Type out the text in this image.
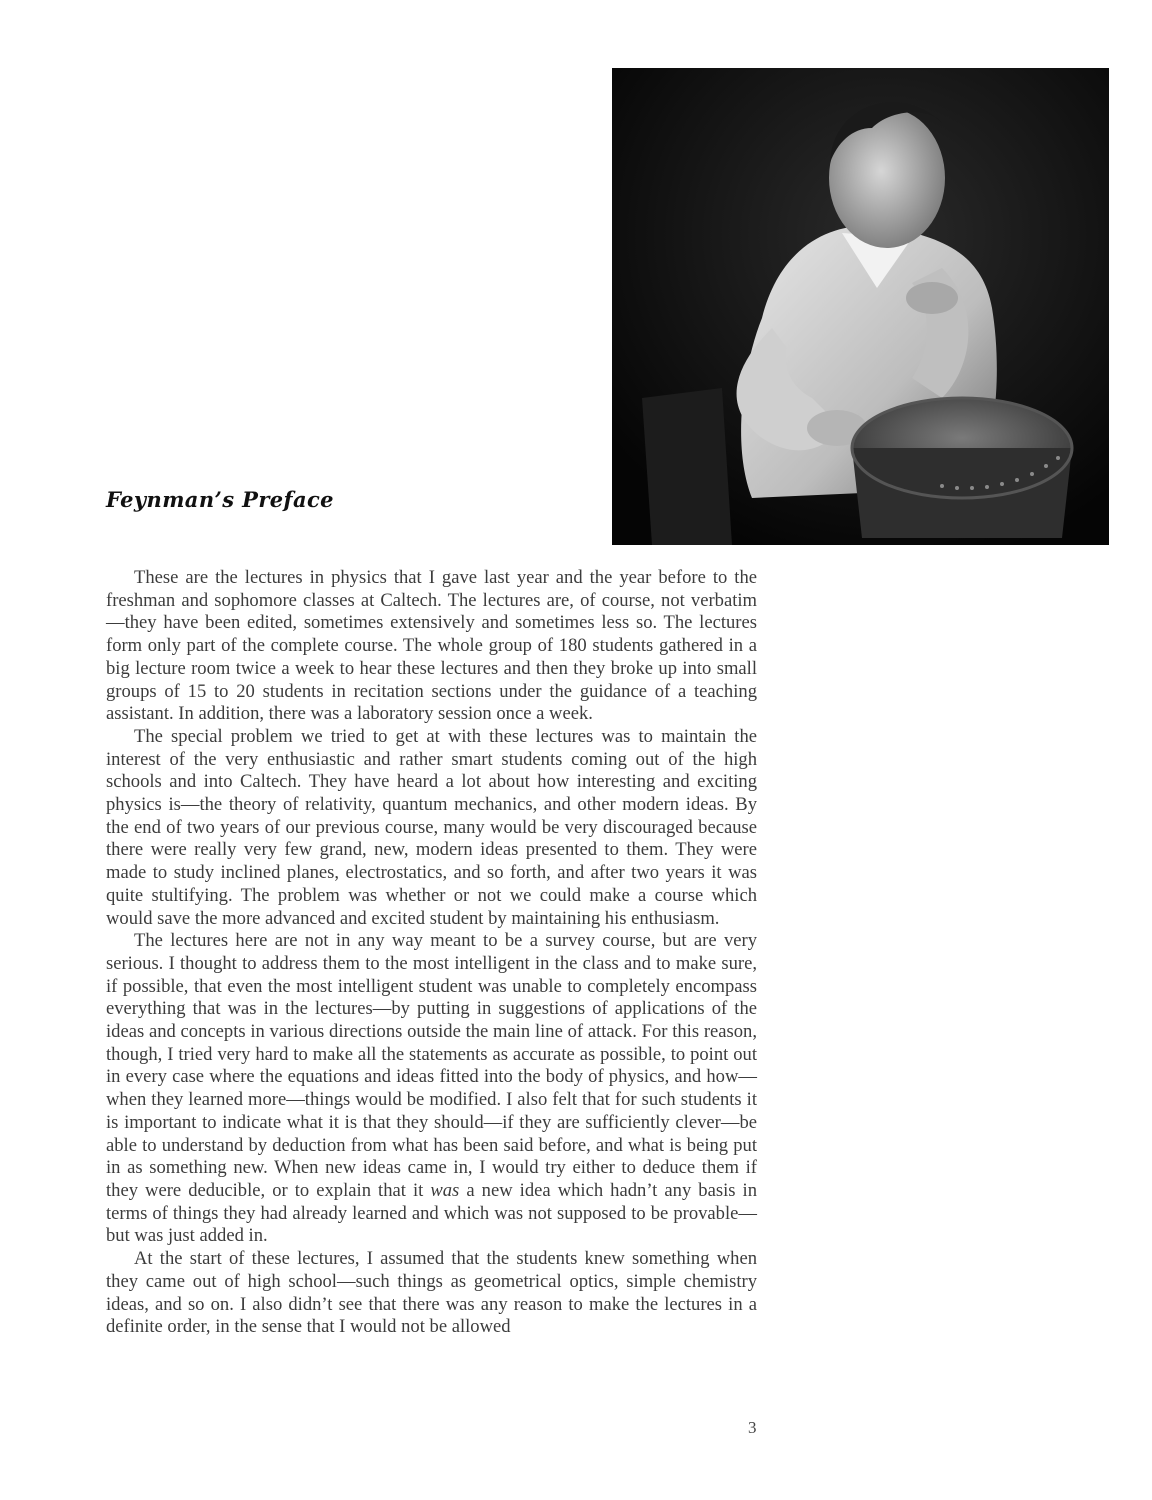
Feynman’s Preface

These are the lectures in physics that I gave last year and the year before to the freshman and sophomore classes at Caltech. The lectures are, of course, not verbatim—they have been edited, sometimes extensively and sometimes less so. The lectures form only part of the complete course. The whole group of 180 students gathered in a big lecture room twice a week to hear these lectures and then they broke up into small groups of 15 to 20 students in recitation sections under the guidance of a teaching assistant. In addition, there was a laboratory session once a week.

The special problem we tried to get at with these lectures was to maintain the interest of the very enthusiastic and rather smart students coming out of the high schools and into Caltech. They have heard a lot about how interesting and exciting physics is—the theory of relativity, quantum mechanics, and other modern ideas. By the end of two years of our previous course, many would be very discouraged because there were really very few grand, new, modern ideas presented to them. They were made to study inclined planes, electrostatics, and so forth, and after two years it was quite stultifying. The problem was whether or not we could make a course which would save the more advanced and excited student by maintaining his enthusiasm.

The lectures here are not in any way meant to be a survey course, but are very serious. I thought to address them to the most intelligent in the class and to make sure, if possible, that even the most intelligent student was unable to completely encompass everything that was in the lectures—by putting in suggestions of applications of the ideas and concepts in various directions outside the main line of attack. For this reason, though, I tried very hard to make all the statements as accurate as possible, to point out in every case where the equations and ideas fitted into the body of physics, and how—when they learned more—things would be modified. I also felt that for such students it is important to indicate what it is that they should—if they are sufficiently clever—be able to understand by deduction from what has been said before, and what is being put in as something new. When new ideas came in, I would try either to deduce them if they were deducible, or to explain that it was a new idea which hadn’t any basis in terms of things they had already learned and which was not supposed to be provable—but was just added in.

At the start of these lectures, I assumed that the students knew something when they came out of high school—such things as geometrical optics, simple chemistry ideas, and so on. I also didn’t see that there was any reason to make the lectures in a definite order, in the sense that I would not be allowed

3
